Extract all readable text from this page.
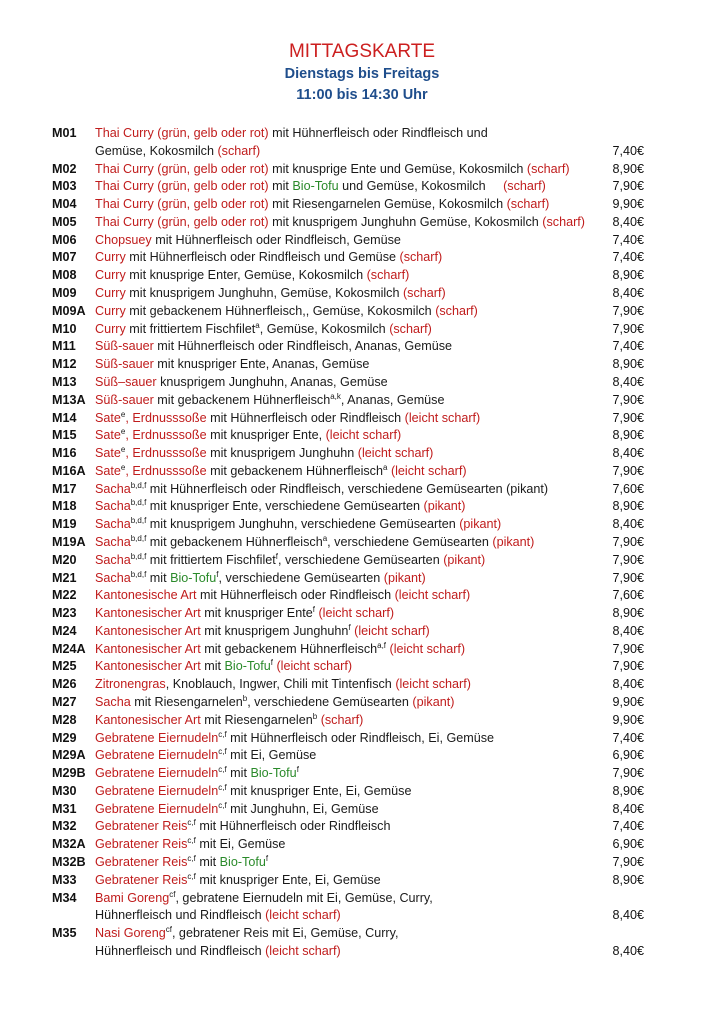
MITTAGSKARTE
Dienstags bis Freitags
11:00 bis 14:30 Uhr
M01	Thai Curry (grün, gelb oder rot) mit Hühnerfleisch oder Rindfleisch und
Gemüse, Kokosmilch (scharf)	7,40€
M02	Thai Curry (grün, gelb oder rot) mit knusprige Ente und Gemüse, Kokosmilch (scharf)	8,90€
M03	Thai Curry (grün, gelb oder rot) mit Bio-Tofu und Gemüse, Kokosmilch     (scharf)	7,90€
M04	Thai Curry (grün, gelb oder rot) mit Riesengarnelen Gemüse, Kokosmilch (scharf)	9,90€
M05	Thai Curry (grün, gelb oder rot) mit knusprigem Junghuhn Gemüse, Kokosmilch (scharf)	8,40€
M06	Chopsuey mit Hühnerfleisch oder Rindfleisch, Gemüse	7,40€
M07	Curry mit Hühnerfleisch oder Rindfleisch und Gemüse (scharf)	7,40€
M08	Curry mit knusprige Enter, Gemüse, Kokosmilch (scharf)	8,90€
M09	Curry mit knusprigem Junghuhn, Gemüse, Kokosmilch (scharf)	8,40€
M09A Curry mit gebackenem Hühnerfleisch,, Gemüse, Kokosmilch (scharf)	7,90€
M10	Curry mit frittiertem Fischfilet$^a$, Gemüse, Kokosmilch (scharf)	7,90€
M11	Süß-sauer mit Hühnerfleisch oder Rindfleisch, Ananas, Gemüse	7,40€
M12	Süß-sauer mit knuspriger Ente, Ananas, Gemüse	8,90€
M13	Süß–sauer knusprigem Junghuhn, Ananas, Gemüse	8,40€
M13A Süß-sauer mit gebackenem Hühnerfleisch$^{a,k}$, Ananas, Gemüse	7,90€
M14	Sate$^e$, Erdnusssoße mit Hühnerfleisch oder Rindfleisch (leicht scharf)	7,90€
M15	Sate$^e$, Erdnusssoße mit knuspriger Ente, (leicht scharf)	8,90€
M16	Sate$^e$, Erdnusssoße mit knusprigem Junghuhn (leicht scharf)	8,40€
M16A Sate$^e$, Erdnusssoße mit gebackenem Hühnerfleisch$^a$ (leicht scharf)	7,90€
M17	Sacha$^{b,d,f}$ mit Hühnerfleisch oder Rindfleisch, verschiedene Gemüsearten (pikant)	7,60€
M18	Sacha$^{b,d,f}$ mit knuspriger Ente, verschiedene Gemüsearten (pikant)	8,90€
M19	Sacha$^{b,d,f}$ mit knusprigem Junghuhn, verschiedene Gemüsearten (pikant)	8,40€
M19A Sacha$^{b,d,f}$ mit gebackenem Hühnerfleisch$^a$, verschiedene Gemüsearten (pikant)	7,90€
M20	Sacha$^{b,d,f}$ mit frittiertem Fischfilet$^f$, verschiedene Gemüsearten (pikant)	7,90€
M21	Sacha$^{b,d,f}$ mit Bio-Tofu$^f$, verschiedene Gemüsearten (pikant)	7,90€
M22	Kantonesische Art mit Hühnerfleisch oder Rindfleisch (leicht scharf)	7,60€
M23	Kantonesischer Art mit knuspriger Ente$^f$ (leicht scharf)	8,90€
M24	Kantonesischer Art mit knusprigem Junghuhn$^f$ (leicht scharf)	8,40€
M24A Kantonesischer Art mit gebackenem Hühnerfleisch$^{a,f}$ (leicht scharf)	7,90€
M25	Kantonesischer Art mit Bio-Tofu$^f$ (leicht scharf)	7,90€
M26	Zitronengras, Knoblauch, Ingwer, Chili mit Tintenfisch (leicht scharf)	8,40€
M27	Sacha mit Riesengarnelen$^b$, verschiedene Gemüsearten (pikant)	9,90€
M28	Kantonesischer Art mit Riesengarnelen$^b$ (scharf)	9,90€
M29	Gebratene Eiernudeln$^{c,f}$ mit Hühnerfleisch oder Rindfleisch, Ei, Gemüse	7,40€
M29A Gebratene Eiernudeln$^{c,f}$ mit Ei, Gemüse	6,90€
M29B Gebratene Eiernudeln$^{c,f}$ mit Bio-Tofu$^f$	7,90€
M30	Gebratene Eiernudeln$^{c,f}$ mit knuspriger Ente, Ei, Gemüse	8,90€
M31	Gebratene Eiernudeln$^{c,f}$ mit Junghuhn, Ei, Gemüse	8,40€
M32	Gebratener Reis$^{c,f}$ mit Hühnerfleisch oder Rindfleisch	7,40€
M32A Gebratener Reis$^{c,f}$ mit Ei, Gemüse	6,90€
M32B Gebratener Reis$^{c,f}$ mit Bio-Tofu$^f$	7,90€
M33	Gebratener Reis$^{c,f}$ mit knuspriger Ente, Ei, Gemüse	8,90€
M34	Bami Goreng$^{cf}$, gebratene Eiernudeln mit Ei, Gemüse, Curry,
Hühnerfleisch und Rindfleisch (leicht scharf)	8,40€
M35	Nasi Goreng$^{cf}$, gebratener Reis mit Ei, Gemüse, Curry,
Hühnerfleisch und Rindfleisch (leicht scharf)	8,40€
